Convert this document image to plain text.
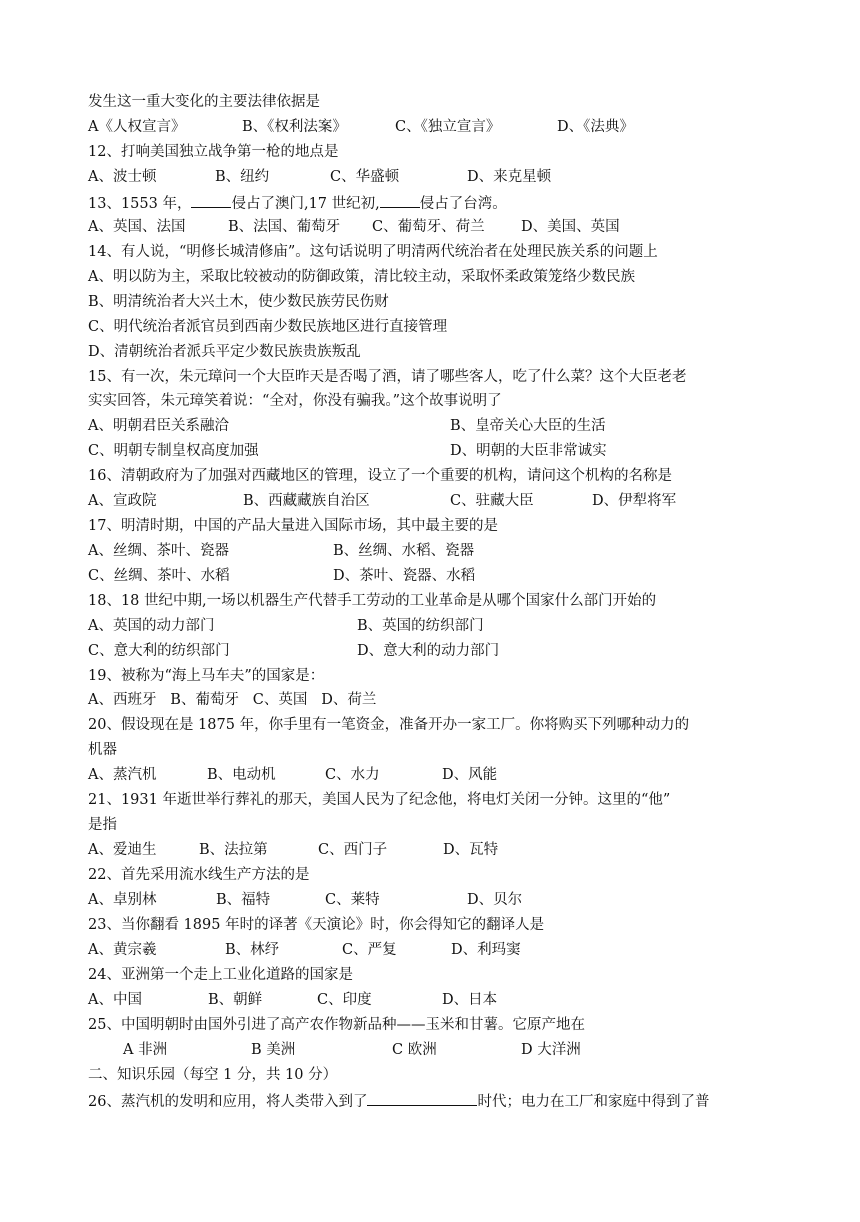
发生这一重大变化的主要法律依据是
A《人权宣言》	B、《权利法案》	C、《独立宣言》	D、《法典》
12、打响美国独立战争第一枪的地点是
A、波士顿	B、纽约	C、华盛顿	D、来克星顿
13、1553 年，	侵占了澳门,17 世纪初,	侵占了台湾。
A、英国、法国	B、法国、葡萄牙 C、葡萄牙、荷兰	D、美国、英国
14、有人说，“明修长城清修庙”。这句话说明了明清两代统治者在处理民族关系的问题上
A、明以防为主，采取比较被动的防御政策，清比较主动，采取怀柔政策笼络少数民族
B、明清统治者大兴土木，使少数民族劳民伤财
C、明代统治者派官员到西南少数民族地区进行直接管理
D、清朝统治者派兵平定少数民族贵族叛乱
15、有一次，朱元璋问一个大臣昨天是否喝了酒，请了哪些客人，吃了什么菜？这个大臣老老
实实回答，朱元璋笑着说：“全对，你没有骗我。”这个故事说明了
A、明朝君臣关系融洽	B、皇帝关心大臣的生活
C、明朝专制皇权高度加强	D、明朝的大臣非常诚实
16、清朝政府为了加强对西藏地区的管理，设立了一个重要的机构，请问这个机构的名称是
A、宣政院	B、西藏藏族自治区	C、驻藏大臣	D、伊犁将军
17、明清时期，中国的产品大量进入国际市场，其中最主要的是
A、丝绸、茶叶、瓷器	B、丝绸、水稻、瓷器
C、丝绸、茶叶、水稻	D、茶叶、瓷器、水稻
18、18 世纪中期,一场以机器生产代替手工劳动的工业革命是从哪个国家什么部门开始的
A、英国的动力部门	B、英国的纺织部门
C、意大利的纺织部门	D、意大利的动力部门
19、被称为“海上马车夫”的国家是：
A、西班牙   B、葡萄牙   C、英国   D、荷兰
20、假设现在是 1875 年，你手里有一笔资金，准备开办一家工厂。你将购买下列哪种动力的
机器
A、蒸汽机	B、电动机	C、水力	D、风能
21、1931 年逝世举行葬礼的那天，美国人民为了纪念他，将电灯关闭一分钟。这里的“他”
是指
A、爱迪生	B、法拉第	C、西门子	D、瓦特
22、首先采用流水线生产方法的是
A、卓别林	B、福特	C、莱特	D、贝尔
23、当你翻看 1895 年时的译著《天演论》时，你会得知它的翻译人是
A、黄宗羲	B、林纾	C、严复	D、利玛窦
24、亚洲第一个走上工业化道路的国家是
A、中国	B、朝鲜	C、印度	D、日本
25、中国明朝时由国外引进了高产农作物新品种——玉米和甘薯。它原产地在
A 非洲	B 美洲	C 欧洲	D 大洋洲
二、知识乐园（每空 1 分，共 10 分）
26、蒸汽机的发明和应用，将人类带入到了	时代；电力在工厂和家庭中得到了普
